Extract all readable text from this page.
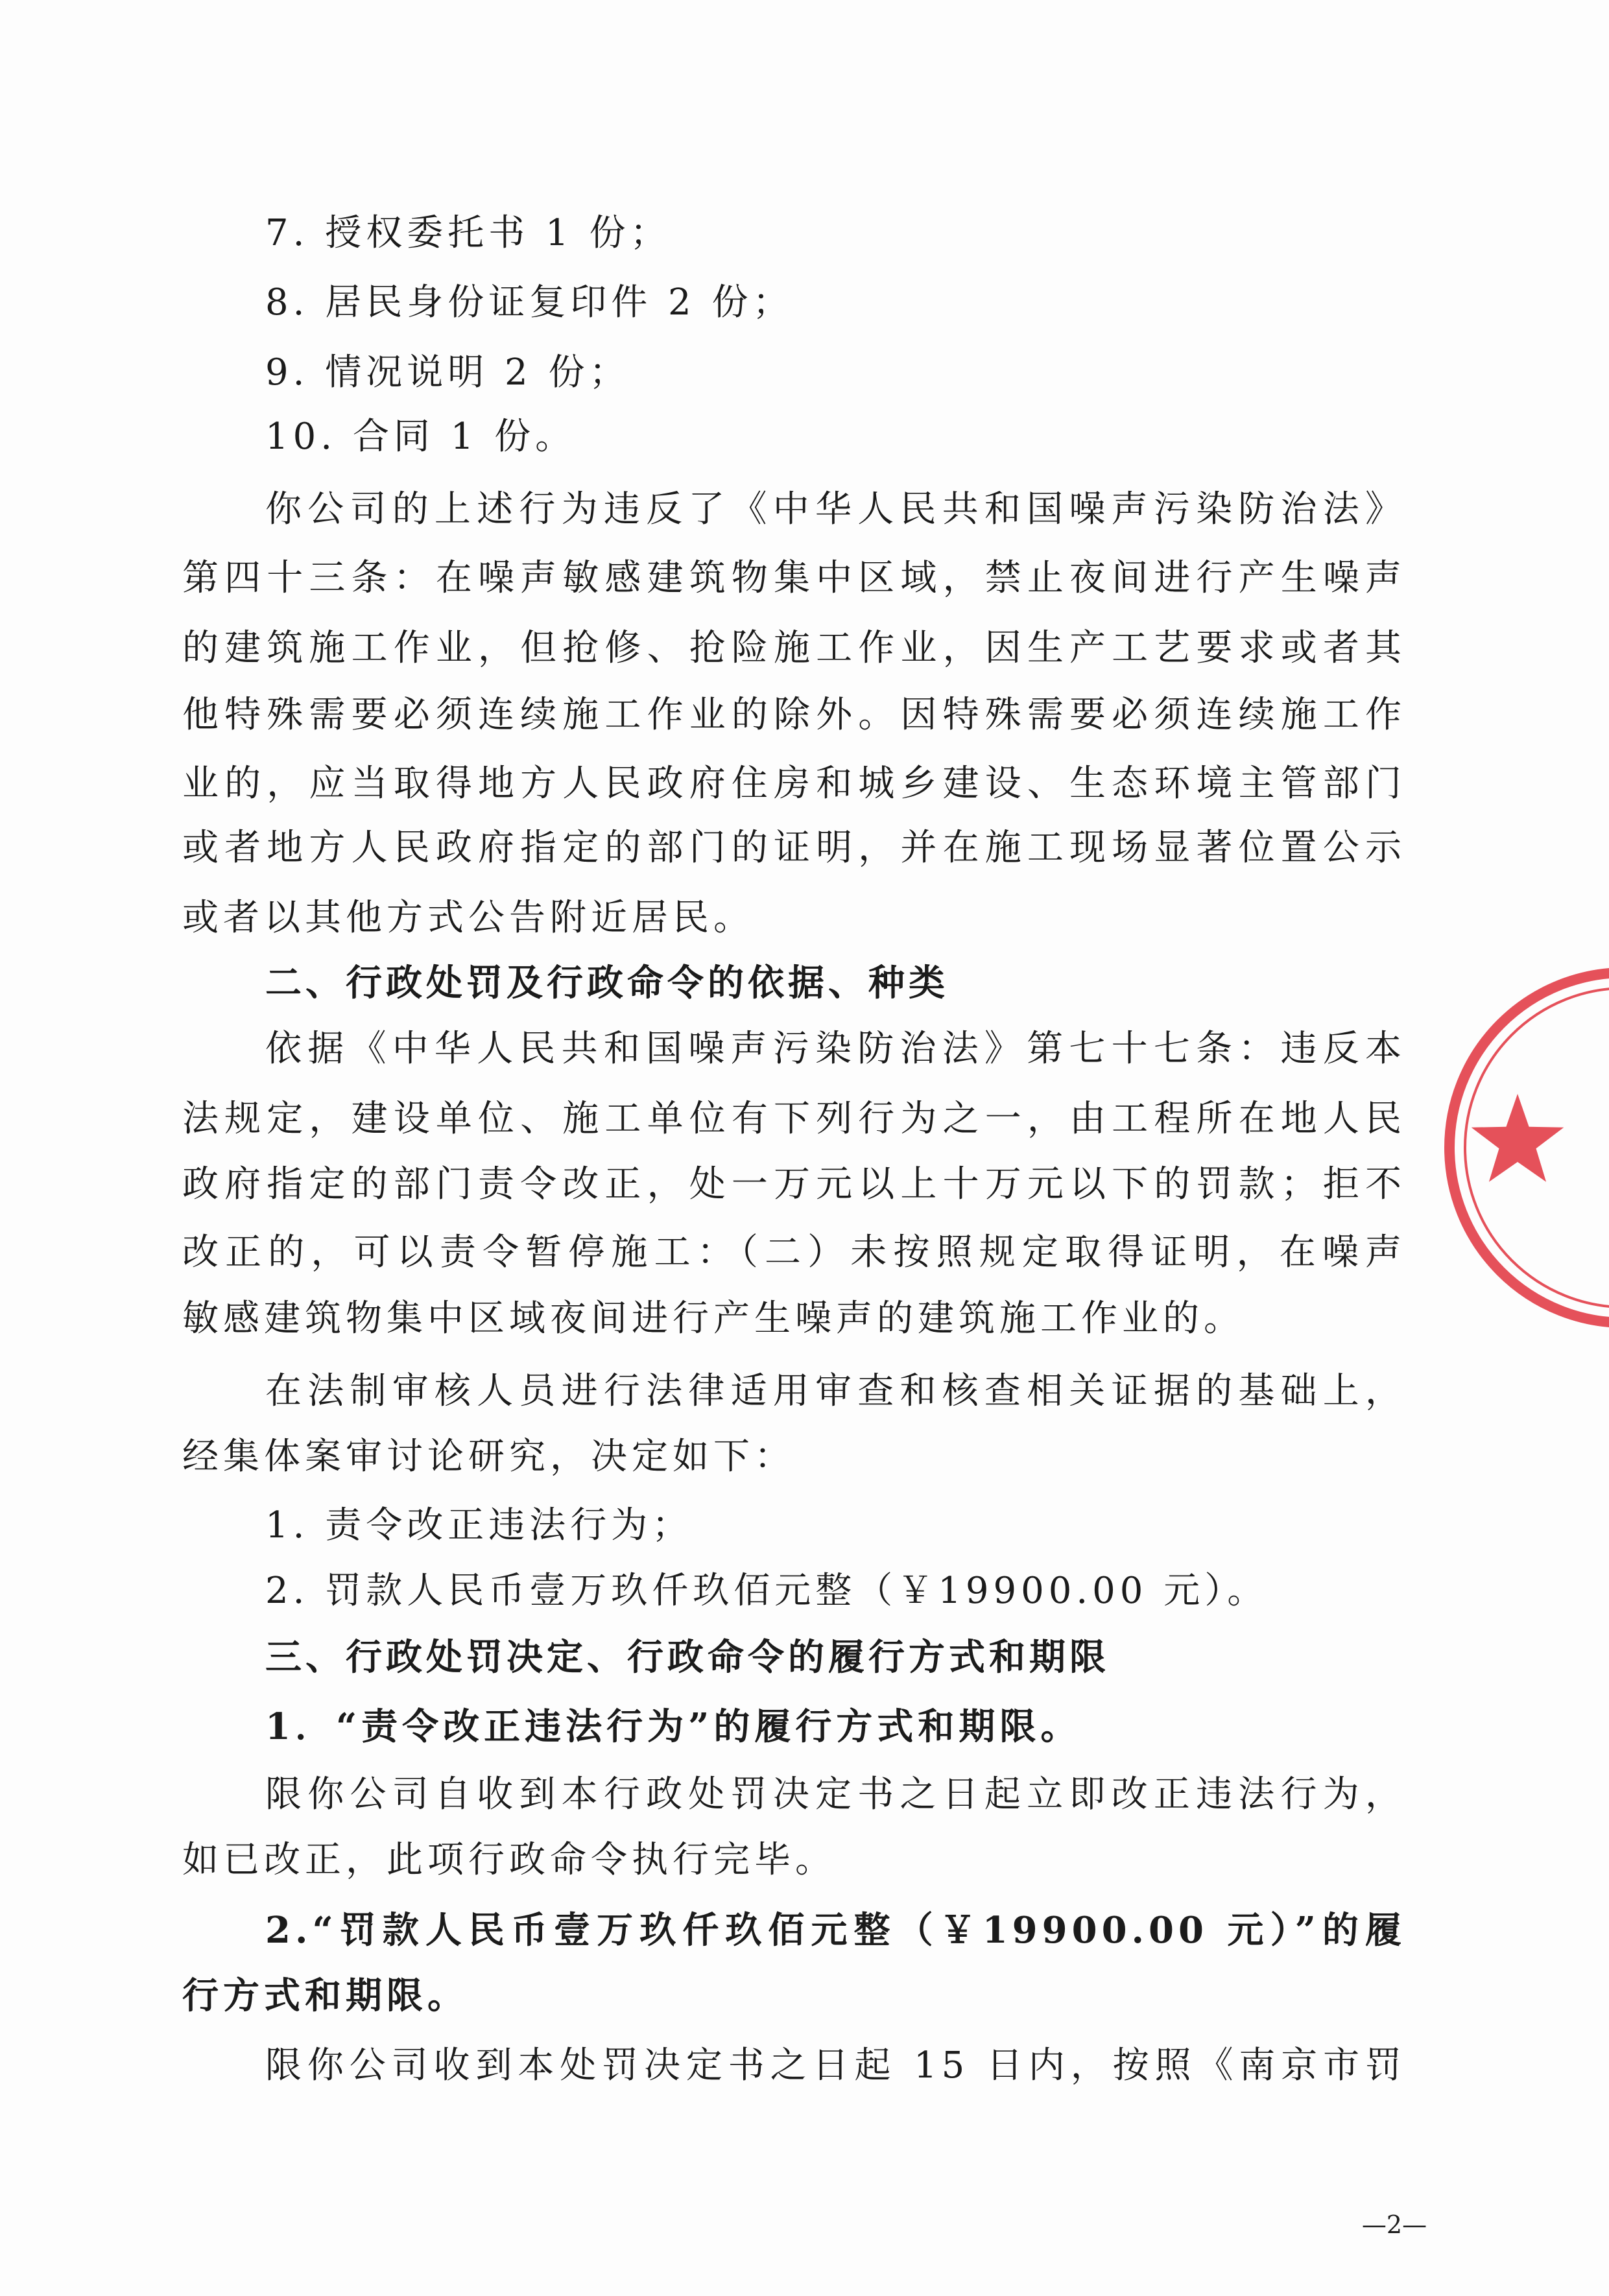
7. 授权委托书 1 份；
8. 居民身份证复印件 2 份；
9. 情况说明 2 份；
10. 合同 1 份。
你公司的上述行为违反了《中华人民共和国噪声污染防治法》
第四十三条：在噪声敏感建筑物集中区域，禁止夜间进行产生噪声
的建筑施工作业，但抢修、抢险施工作业，因生产工艺要求或者其
他特殊需要必须连续施工作业的除外。因特殊需要必须连续施工作
业的，应当取得地方人民政府住房和城乡建设、生态环境主管部门
或者地方人民政府指定的部门的证明，并在施工现场显著位置公示
或者以其他方式公告附近居民。
二、行政处罚及行政命令的依据、种类
依据《中华人民共和国噪声污染防治法》第七十七条：违反本
法规定，建设单位、施工单位有下列行为之一，由工程所在地人民
政府指定的部门责令改正，处一万元以上十万元以下的罚款；拒不
改正的，可以责令暂停施工：（二）未按照规定取得证明，在噪声
敏感建筑物集中区域夜间进行产生噪声的建筑施工作业的。
在法制审核人员进行法律适用审查和核查相关证据的基础上，
经集体案审讨论研究，决定如下：
1. 责令改正违法行为；
2. 罚款人民币壹万玖仟玖佰元整（￥19900.00 元）。
三、行政处罚决定、行政命令的履行方式和期限
1．“责令改正违法行为”的履行方式和期限。
限你公司自收到本行政处罚决定书之日起立即改正违法行为，
如已改正，此项行政命令执行完毕。
2.“罚款人民币壹万玖仟玖佰元整（￥19900.00 元）”的履
行方式和期限。
限你公司收到本处罚决定书之日起 15 日内，按照《南京市罚
—2—
